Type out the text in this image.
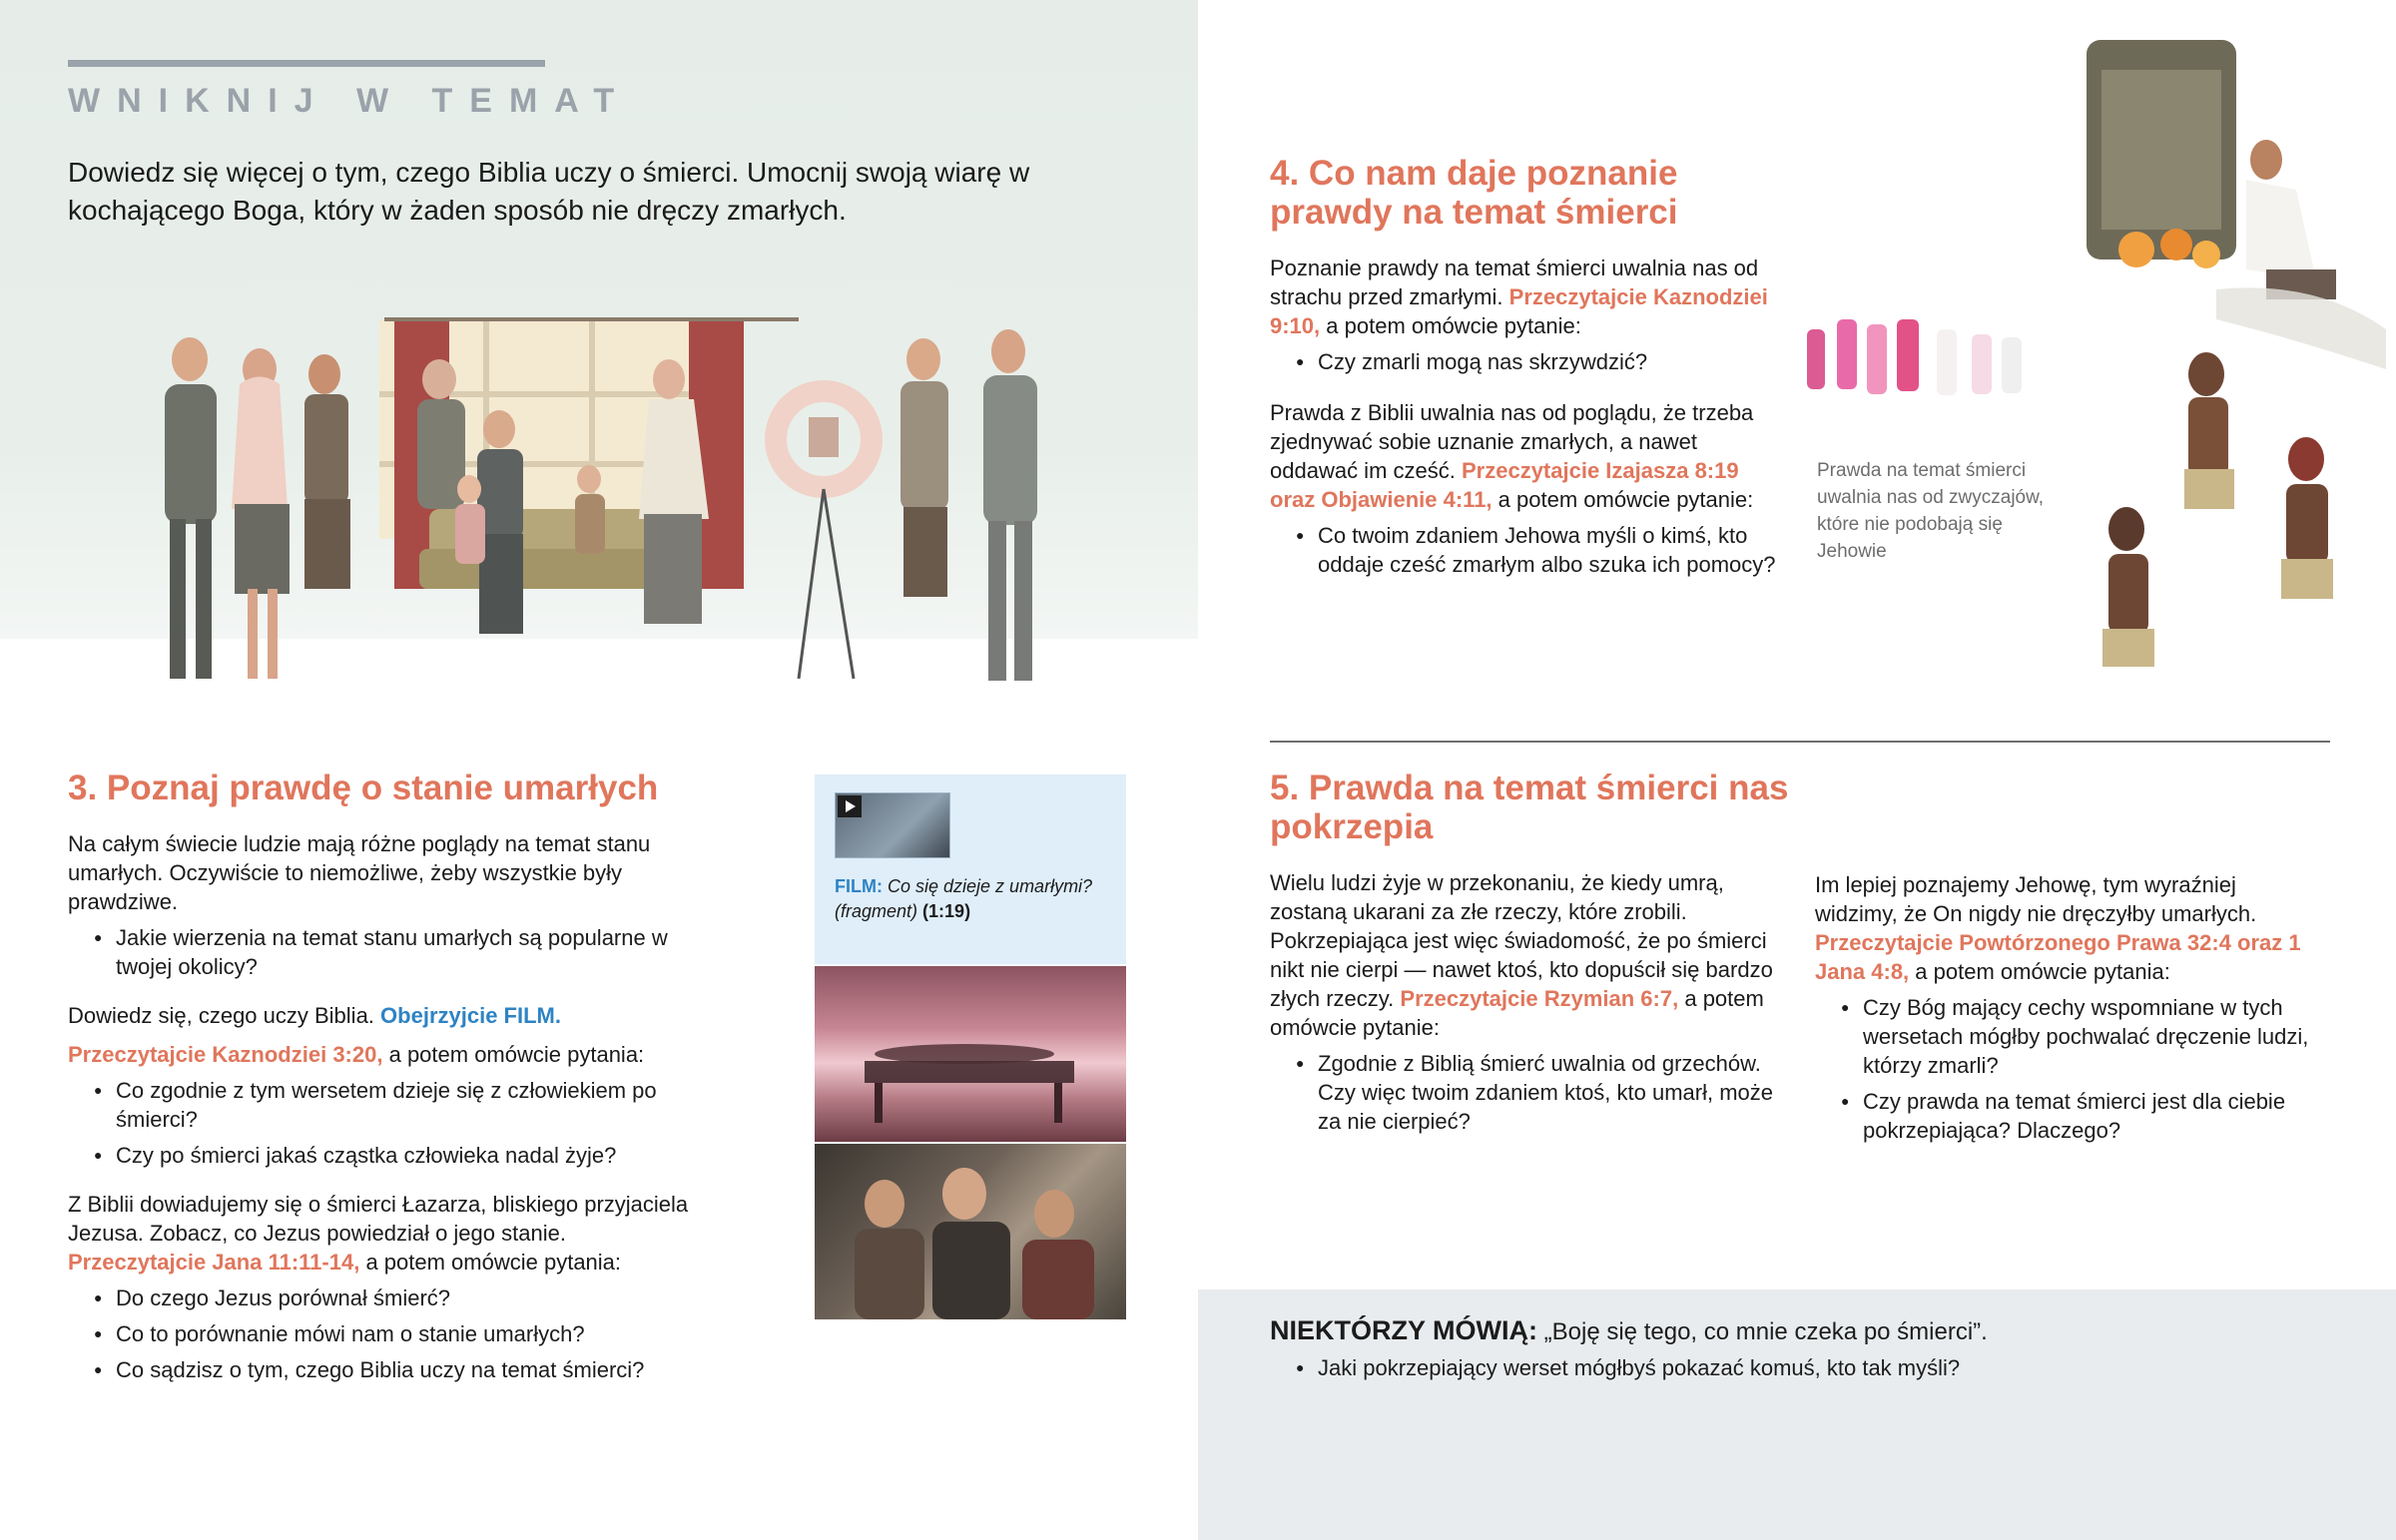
WNIKNIJ W TEMAT
Dowiedz się więcej o tym, czego Biblia uczy o śmierci. Umocnij swoją wiarę w kochającego Boga, który w żaden sposób nie dręczy zmarłych.
3. Poznaj prawdę o stanie umarłych
Na całym świecie ludzie mają różne poglądy na temat stanu umarłych. Oczywiście to niemożliwe, żeby wszystkie były prawdziwe.
● Jakie wierzenia na temat stanu umarłych są popularne w twojej okolicy?
Dowiedz się, czego uczy Biblia. Obejrzyjcie FILM.
Przeczytajcie Kaznodziei 3:20, a potem omówcie pytania:
● Co zgodnie z tym wersetem dzieje się z człowiekiem po śmierci?
● Czy po śmierci jakaś cząstka człowieka nadal żyje?
Z Biblii dowiadujemy się o śmierci Łazarza, bliskiego przyjaciela Jezusa. Zobacz, co Jezus powiedział o jego stanie. Przeczytajcie Jana 11:11-14, a potem omówcie pytania:
● Do czego Jezus porównał śmierć?
● Co to porównanie mówi nam o stanie umarłych?
● Co sądzisz o tym, czego Biblia uczy na temat śmierci?
FILM: Co się dzieje z umarłymi? (fragment) (1:19)
4. Co nam daje poznanie prawdy na temat śmierci
Poznanie prawdy na temat śmierci uwalnia nas od strachu przed zmarłymi. Przeczytajcie Kaznodziei 9:10, a potem omówcie pytanie:
● Czy zmarli mogą nas skrzywdzić?
Prawda z Biblii uwalnia nas od poglądu, że trzeba zjednywać sobie uznanie zmarłych, a nawet oddawać im cześć. Przeczytajcie Izajasza 8:19 oraz Objawienie 4:11, a potem omówcie pytanie:
● Co twoim zdaniem Jehowa myśli o kimś, kto oddaje cześć zmarłym albo szuka ich pomocy?
Prawda na temat śmierci uwalnia nas od zwyczajów, które nie podobają się Jehowie
5. Prawda na temat śmierci nas pokrzepia
Wielu ludzi żyje w przekonaniu, że kiedy umrą, zostaną ukarani za złe rzeczy, które zrobili. Pokrzepiająca jest więc świadomość, że po śmierci nikt nie cierpi — nawet ktoś, kto dopuścił się bardzo złych rzeczy. Przeczytajcie Rzymian 6:7, a potem omówcie pytanie:
● Zgodnie z Biblią śmierć uwalnia od grzechów. Czy więc twoim zdaniem ktoś, kto umarł, może za nie cierpieć?
Im lepiej poznajemy Jehowę, tym wyraźniej widzimy, że On nigdy nie dręczyłby umarłych. Przeczytajcie Powtórzonego Prawa 32:4 oraz 1 Jana 4:8, a potem omówcie pytania:
● Czy Bóg mający cechy wspomniane w tych wersetach mógłby pochwalać dręczenie ludzi, którzy zmarli?
● Czy prawda na temat śmierci jest dla ciebie pokrzepiająca? Dlaczego?
NIEKTÓRZY MÓWIĄ: „Boję się tego, co mnie czeka po śmierci”.
● Jaki pokrzepiający werset mógłbyś pokazać komuś, kto tak myśli?
